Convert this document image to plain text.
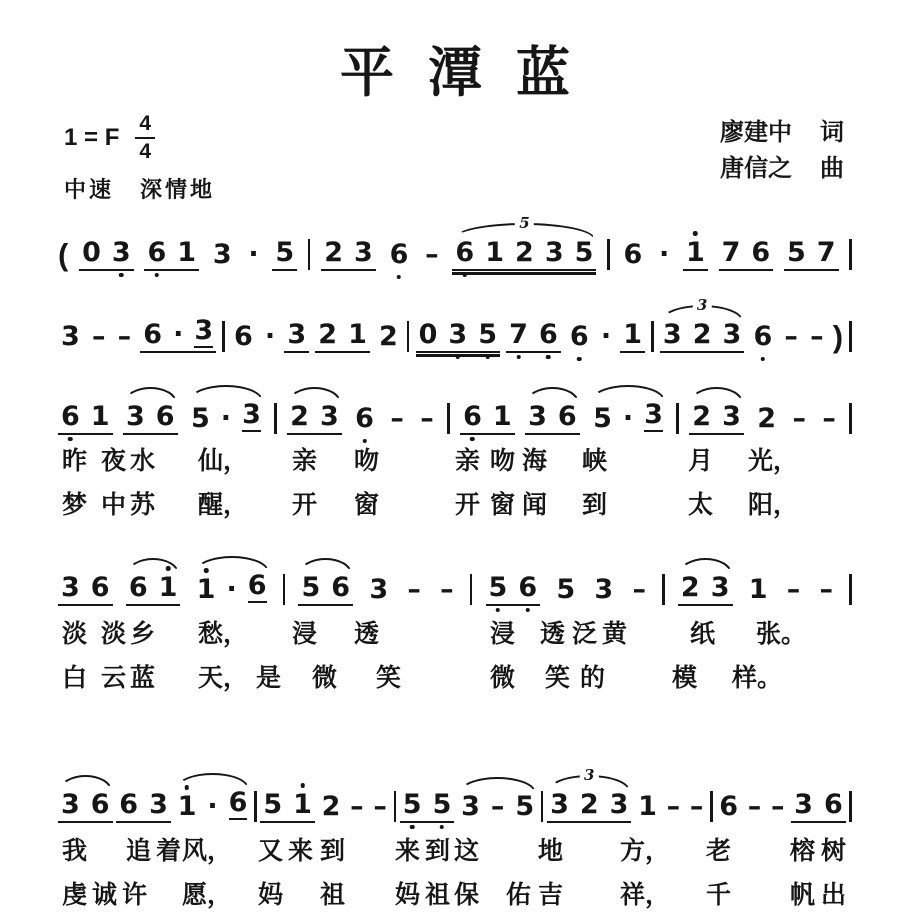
平潭蓝
1 = F $\frac{4}{4}$
中速 深情地
廖建中 词
唐信之 曲
( 0 3 6 1 3 · 5 2 3 6 –
5
6 1 2 3 5 6 · 1 7 6 5 7
3 – – 6 · 3 6 · 3 2 1 2 0 3 5 7 6 6 · 1
3
3 2 3 6 – – )
6 1 3 6 5 · 3 2 3 6 – – 6 1 3 6 5 · 3 2 3 2 – –
昨 夜 水 仙， 亲 吻	亲 吻 海 峡	月 光，
梦 中 苏 醒， 开 窗	开 窗 闻 到	太 阳，
3 6 6 1 1 · 6 5 6 3 – – 5 6 5 3 – 2 3 1 – –
淡 淡 乡 愁， 浸 透	浸 透 泛 黄	纸 张。
白 云 蓝 天， 是 微 笑	微 笑 的	模 样。
3 6 6 3 1 · 6 5 1 2 – – 5 5 3 – 5
3
3 2 3 1 – – 6 – – 3 6
我 追 着 风， 又 来 到 来 到 这 地 方， 老 榕 树
虔 诚 许 愿， 妈 祖 妈 祖 保 佑 吉 祥， 千 帆 出
